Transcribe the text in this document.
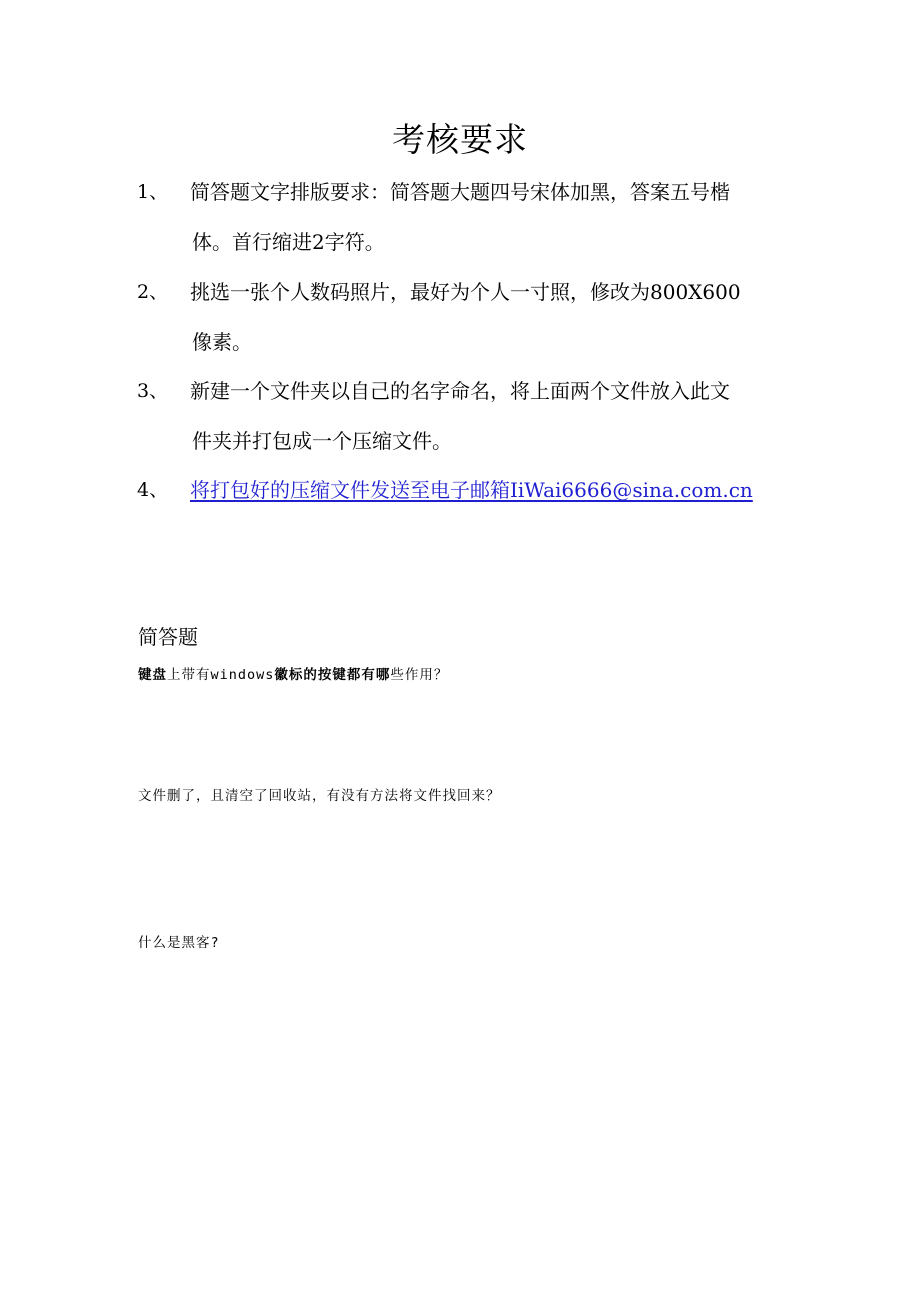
考核要求
1、 简答题文字排版要求：简答题大题四号宋体加黑，答案五号楷
体。首行缩进2字符。
2、 挑选一张个人数码照片，最好为个人一寸照，修改为800X600
像素。
3、 新建一个文件夹以自己的名字命名，将上面两个文件放入此文
件夹并打包成一个压缩文件。
4、 将打包好的压缩文件发送至电子邮箱IiWai6666@sina.com.cn
简答题
键盘上带有windows徽标的按键都有哪些作用？
文件删了，且清空了回收站，有没有方法将文件找回来？
什么是黑客?
